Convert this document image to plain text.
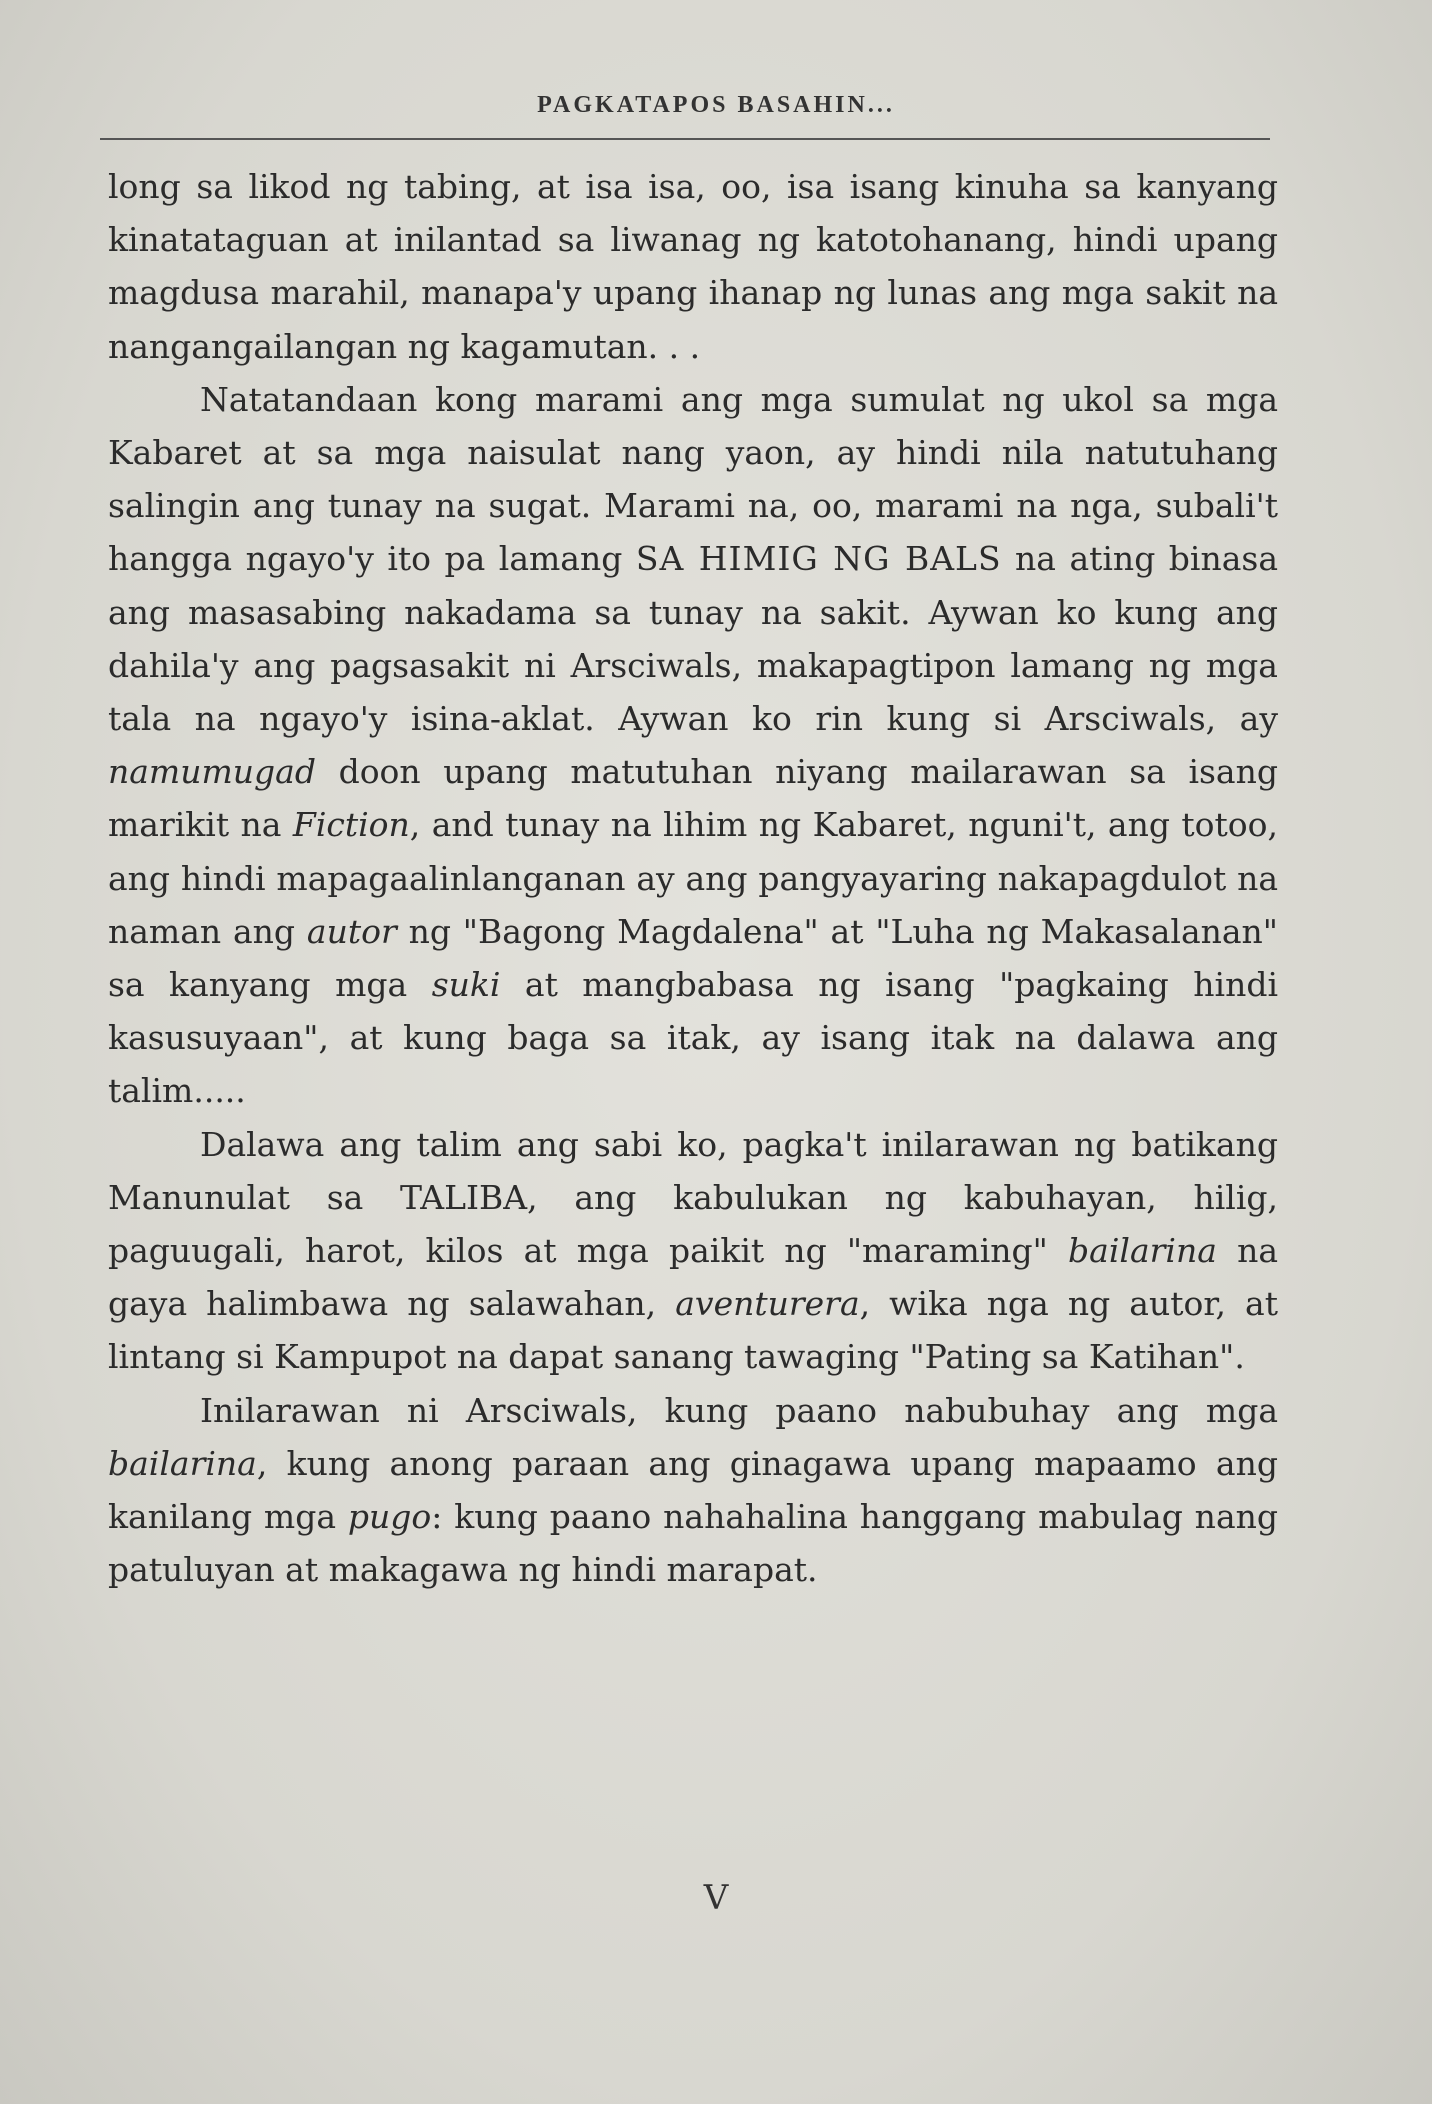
PAGKATAPOS BASAHIN...

long sa likod ng tabing, at isa isa, oo, isa isang kinuha sa kanyang kinatataguan at inilantad sa liwanag ng katotohanang, hindi upang magdusa marahil, manapa'y upang ihanap ng lunas ang mga sakit na nangangailangan ng kagamutan. . .

Natatandaan kong marami ang mga sumulat ng ukol sa mga Kabaret at sa mga naisulat nang yaon, ay hindi nila natutuhang salingin ang tunay na sugat. Marami na, oo, marami na nga, subali't hangga ngayo'y ito pa lamang SA HIMIG NG BALS na ating binasa ang masasabing nakadama sa tunay na sakit. Aywan ko kung ang dahila'y ang pagsasakit ni Arsciwals, makapagtipon lamang ng mga tala na ngayo'y isina-aklat. Aywan ko rin kung si Arsciwals, ay namumugad doon upang matutuhan niyang mailarawan sa isang marikit na Fiction, and tunay na lihim ng Kabaret, nguni't, ang totoo, ang hindi mapagaalinlanganan ay ang pangyayaring nakapagdulot na naman ang autor ng "Bagong Magdalena" at "Luha ng Makasalanan" sa kanyang mga suki at mangbabasa ng isang "pagkaing hindi kasusuyaan", at kung baga sa itak, ay isang itak na dalawa ang talim.....

Dalawa ang talim ang sabi ko, pagka't inilarawan ng batikang Manunulat sa TALIBA, ang kabulukan ng kabuhayan, hilig, paguugali, harot, kilos at mga paikit ng "maraming" bailarina na gaya halimbawa ng salawahan, aventurera, wika nga ng autor, at lintang si Kampupot na dapat sanang tawaging "Pating sa Katihan".

Inilarawan ni Arsciwals, kung paano nabubuhay ang mga bailarina, kung anong paraan ang ginagawa upang mapaamo ang kanilang mga pugo: kung paano nahahalina hanggang mabulag nang patuluyan at makagawa ng hindi marapat.

V
